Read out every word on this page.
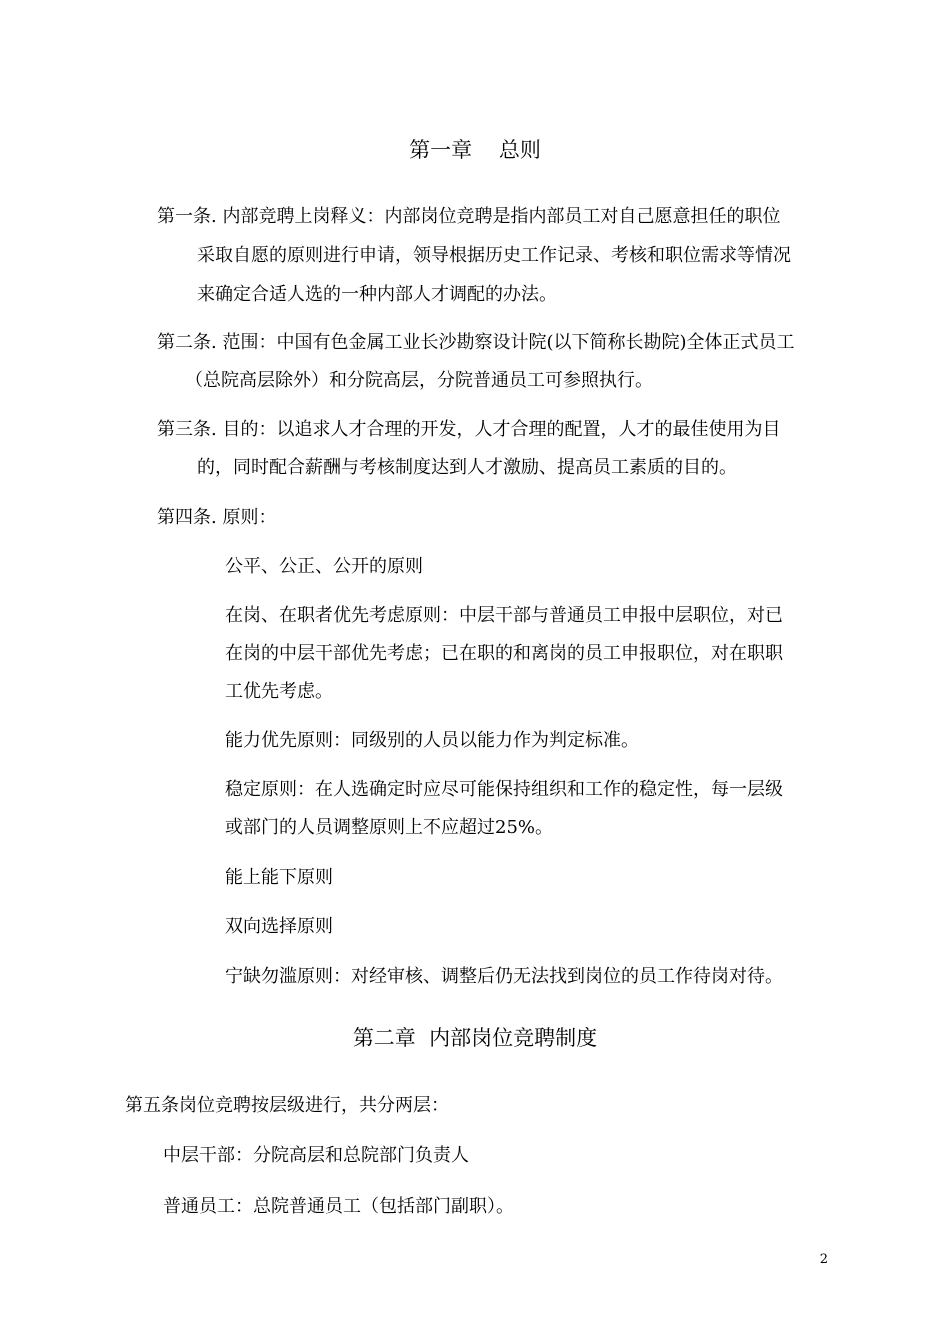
第一章    总则
第一条. 内部竞聘上岗释义：内部岗位竞聘是指内部员工对自己愿意担任的职位
采取自愿的原则进行申请，领导根据历史工作记录、考核和职位需求等情况
来确定合适人选的一种内部人才调配的办法。
第二条. 范围：中国有色金属工业长沙勘察设计院(以下简称长勘院)全体正式员工
（总院高层除外）和分院高层，分院普通员工可参照执行。
第三条. 目的：以追求人才合理的开发，人才合理的配置，人才的最佳使用为目
的，同时配合薪酬与考核制度达到人才激励、提高员工素质的目的。
第四条. 原则：
公平、公正、公开的原则
在岗、在职者优先考虑原则：中层干部与普通员工申报中层职位，对已
在岗的中层干部优先考虑；已在职的和离岗的员工申报职位，对在职职
工优先考虑。
能力优先原则：同级别的人员以能力作为判定标准。
稳定原则：在人选确定时应尽可能保持组织和工作的稳定性，每一层级
或部门的人员调整原则上不应超过25%。
能上能下原则
双向选择原则
宁缺勿滥原则：对经审核、调整后仍无法找到岗位的员工作待岗对待。
第二章  内部岗位竞聘制度
第五条岗位竞聘按层级进行，共分两层：
中层干部：分院高层和总院部门负责人
普通员工：总院普通员工（包括部门副职）。
2
